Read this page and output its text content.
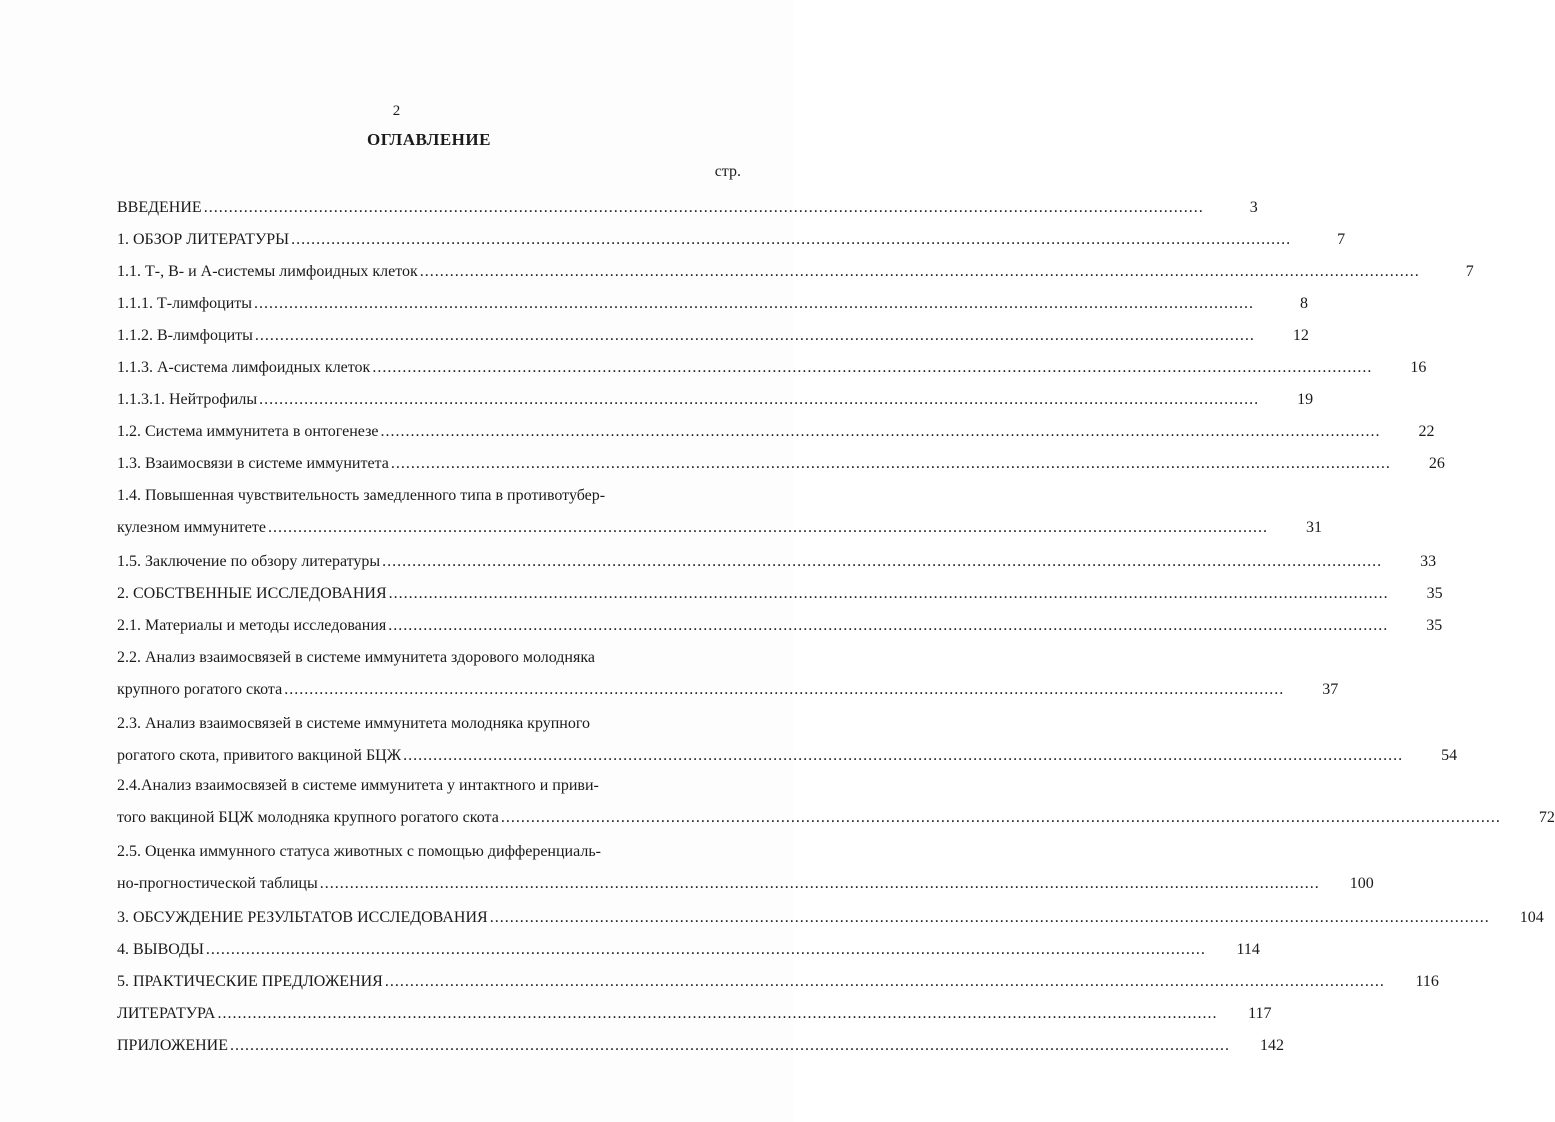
2
ОГЛАВЛЕНИЕ
стр.
ВВЕДЕНИЕ ........................................................................................................................................................................................................	3
1. ОБЗОР ЛИТЕРАТУРЫ ........................................................................................................................................................................................................	7
1.1. Т-, В- и А-системы лимфоидных клеток ........................................................................................................................................................................................................	7
1.1.1. Т-лимфоциты ........................................................................................................................................................................................................	8
1.1.2. В-лимфоциты ........................................................................................................................................................................................................	12
1.1.3. А-система лимфоидных клеток ........................................................................................................................................................................................................	16
1.1.3.1. Нейтрофилы ........................................................................................................................................................................................................	19
1.2. Система иммунитета в онтогенезе ........................................................................................................................................................................................................	22
1.3. Взаимосвязи в системе иммунитета ........................................................................................................................................................................................................	26
1.4. Повышенная чувствительность замедленного типа в противотубер-
кулезном иммунитете ........................................................................................................................................................................................................	31
1.5. Заключение по обзору литературы ........................................................................................................................................................................................................	33
2. СОБСТВЕННЫЕ ИССЛЕДОВАНИЯ ........................................................................................................................................................................................................	35
2.1. Материалы и методы исследования ........................................................................................................................................................................................................	35
2.2. Анализ взаимосвязей в системе иммунитета здорового молодняка
крупного рогатого скота ........................................................................................................................................................................................................	37
2.3. Анализ взаимосвязей в системе иммунитета молодняка крупного
рогатого скота, привитого вакциной БЦЖ ........................................................................................................................................................................................................	54
2.4.Анализ взаимосвязей в системе иммунитета у интактного и приви-
того вакциной БЦЖ молодняка крупного рогатого скота ........................................................................................................................................................................................................	72
2.5. Оценка иммунного статуса животных с помощью дифференциаль-
но-прогностической таблицы ........................................................................................................................................................................................................	100
3. ОБСУЖДЕНИЕ РЕЗУЛЬТАТОВ ИССЛЕДОВАНИЯ ........................................................................................................................................................................................................	104
4. ВЫВОДЫ ........................................................................................................................................................................................................	114
5. ПРАКТИЧЕСКИЕ ПРЕДЛОЖЕНИЯ ........................................................................................................................................................................................................	116
ЛИТЕРАТУРА ........................................................................................................................................................................................................	117
ПРИЛОЖЕНИЕ ........................................................................................................................................................................................................	142
